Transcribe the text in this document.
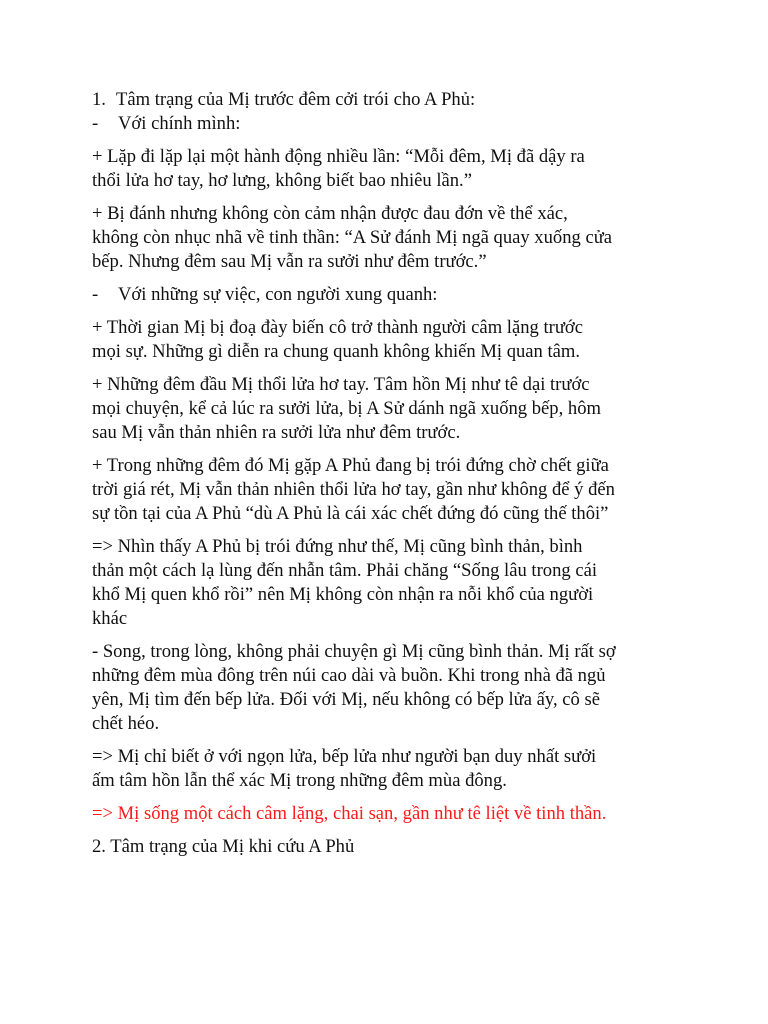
1. Tâm trạng của Mị trước đêm cởi trói cho A Phủ:

- Với chính mình:

+ Lặp đi lặp lại một hành động nhiều lần: “Mỗi đêm, Mị đã dậy ra

thổi lửa hơ tay, hơ lưng, không biết bao nhiêu lần.”

+ Bị đánh nhưng không còn cảm nhận được đau đớn về thể xác,

không còn nhục nhã về tinh thần: “A Sử đánh Mị ngã quay xuống cửa

bếp. Nhưng đêm sau Mị vẫn ra sưởi như đêm trước.”

- Với những sự việc, con người xung quanh:

+ Thời gian Mị bị đoạ đày biến cô trở thành người câm lặng trước

mọi sự. Những gì diễn ra chung quanh không khiến Mị quan tâm.

+ Những đêm đầu Mị thổi lửa hơ tay. Tâm hồn Mị như tê dại trước

mọi chuyện, kể cả lúc ra sưởi lửa, bị A Sử dánh ngã xuống bếp, hôm

sau Mị vẫn thản nhiên ra sưởi lửa như đêm trước.

+ Trong những đêm đó Mị gặp A Phủ đang bị trói đứng chờ chết giữa

trời giá rét, Mị vẫn thản nhiên thổi lửa hơ tay, gần như không để ý đến

sự tồn tại của A Phủ “dù A Phủ là cái xác chết đứng đó cũng thế thôi”

=> Nhìn thấy A Phủ bị trói đứng như thế, Mị cũng bình thản, bình

thản một cách lạ lùng đến nhẫn tâm. Phải chăng “Sống lâu trong cái

khổ Mị quen khổ rồi” nên Mị không còn nhận ra nỗi khổ của người

khác

- Song, trong lòng, không phải chuyện gì Mị cũng bình thản. Mị rất sợ

những đêm mùa đông trên núi cao dài và buồn. Khi trong nhà đã ngủ

yên, Mị tìm đến bếp lửa. Đối với Mị, nếu không có bếp lửa ấy, cô sẽ

chết héo.

=> Mị chỉ biết ở với ngọn lửa, bếp lửa như người bạn duy nhất sưởi

ấm tâm hồn lẫn thể xác Mị trong những đêm mùa đông.

=> Mị sống một cách câm lặng, chai sạn, gần như tê liệt về tinh thần.

2. Tâm trạng của Mị khi cứu A Phủ
